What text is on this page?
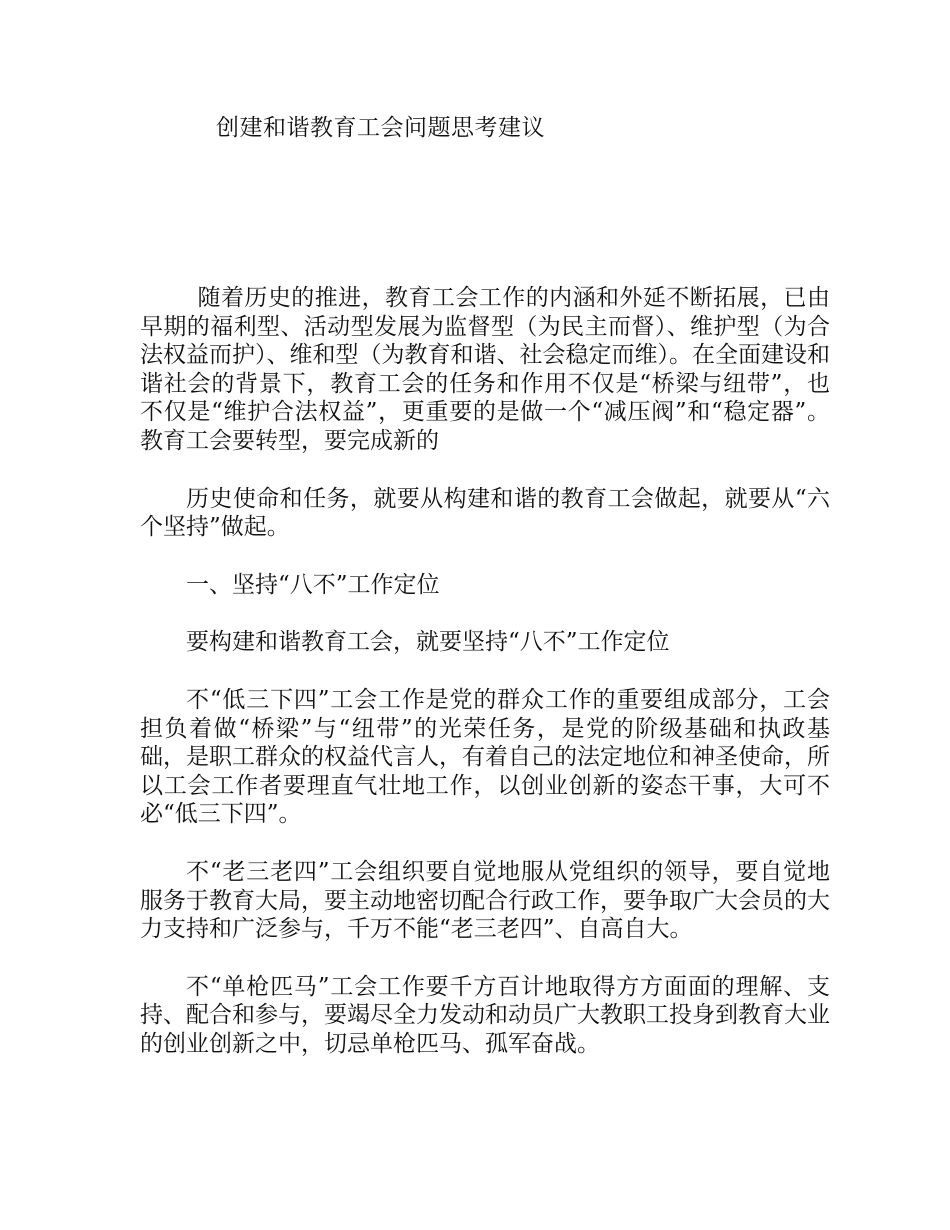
创建和谐教育工会问题思考建议

随着历史的推进，教育工会工作的内涵和外延不断拓展，已由早期的福利型、活动型发展为监督型（为民主而督）、维护型（为合法权益而护）、维和型（为教育和谐、社会稳定而维）。在全面建设和谐社会的背景下，教育工会的任务和作用不仅是“桥梁与纽带”，也不仅是“维护合法权益”，更重要的是做一个“减压阀”和“稳定器”。教育工会要转型，要完成新的

历史使命和任务，就要从构建和谐的教育工会做起，就要从“六个坚持”做起。

一、坚持“八不”工作定位

要构建和谐教育工会，就要坚持“八不”工作定位

不“低三下四”工会工作是党的群众工作的重要组成部分，工会担负着做“桥梁”与“纽带”的光荣任务，是党的阶级基础和执政基础，是职工群众的权益代言人，有着自己的法定地位和神圣使命，所以工会工作者要理直气壮地工作，以创业创新的姿态干事，大可不必“低三下四”。

不“老三老四”工会组织要自觉地服从党组织的领导，要自觉地服务于教育大局，要主动地密切配合行政工作，要争取广大会员的大力支持和广泛参与，千万不能“老三老四”、自高自大。

不“单枪匹马”工会工作要千方百计地取得方方面面的理解、支持、配合和参与，要竭尽全力发动和动员广大教职工投身到教育大业的创业创新之中，切忌单枪匹马、孤军奋战。
